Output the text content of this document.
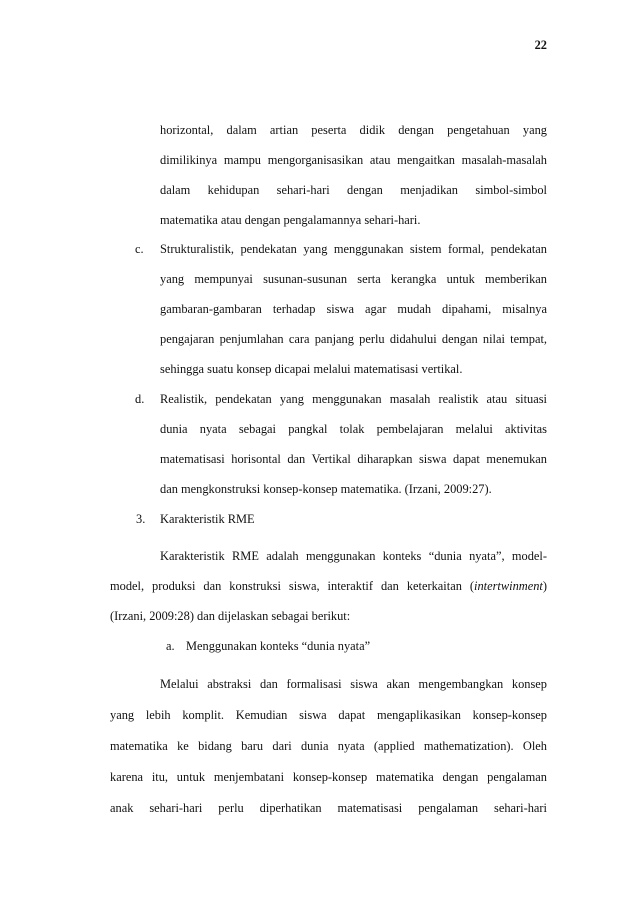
22
horizontal, dalam artian peserta didik dengan pengetahuan yang
dimilikinya mampu mengorganisasikan atau mengaitkan masalah-masalah
dalam kehidupan sehari-hari dengan menjadikan simbol-simbol
matematika atau dengan pengalamannya sehari-hari.
c. Strukturalistik, pendekatan yang menggunakan sistem formal, pendekatan
yang mempunyai susunan-susunan serta kerangka untuk memberikan
gambaran-gambaran terhadap siswa agar mudah dipahami, misalnya
pengajaran penjumlahan cara panjang perlu didahului dengan nilai tempat,
sehingga suatu konsep dicapai melalui matematisasi vertikal.
d. Realistik, pendekatan yang menggunakan masalah realistik atau situasi
dunia nyata sebagai pangkal tolak pembelajaran melalui aktivitas
matematisasi horisontal dan Vertikal diharapkan siswa dapat menemukan
dan mengkonstruksi konsep-konsep matematika. (Irzani, 2009:27).
3. Karakteristik RME
Karakteristik RME adalah menggunakan konteks “dunia nyata”, model-
model, produksi dan konstruksi siswa, interaktif dan keterkaitan (intertwinment)
(Irzani, 2009:28) dan dijelaskan sebagai berikut:
a. Menggunakan konteks “dunia nyata”
Melalui abstraksi dan formalisasi siswa akan mengembangkan konsep
yang lebih komplit. Kemudian siswa dapat mengaplikasikan konsep-konsep
matematika ke bidang baru dari dunia nyata (applied mathematization). Oleh
karena itu, untuk menjembatani konsep-konsep matematika dengan pengalaman
anak sehari-hari perlu diperhatikan matematisasi pengalaman sehari-hari
